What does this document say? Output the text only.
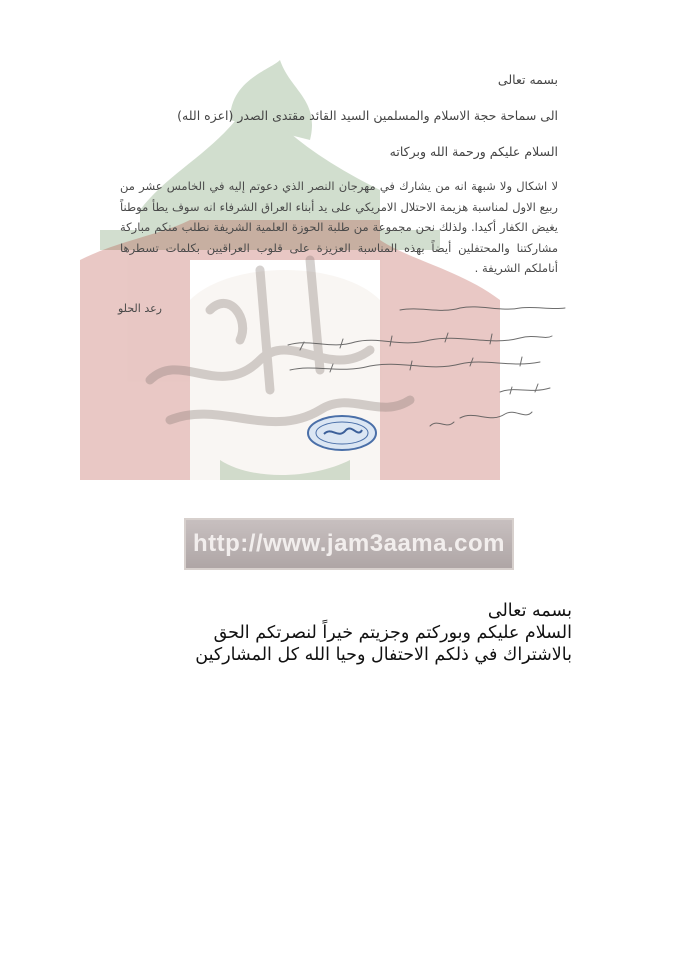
http://www.jam3aama.com
بسمه تعالى
الى سماحة حجة الاسلام والمسلمين السيد القائد مقتدى الصدر (اعزه الله)
السلام عليكم ورحمة الله وبركاته
لا اشكال ولا شبهة انه من يشارك في مهرجان النصر الذي دعوتم إليه في الخامس عشر من ربيع الاول لمناسبة هزيمة الاحتلال الامريكي على يد أبناء العراق الشرفاء انه سوف يطأ موطناً يغيض الكفار أكيدا. ولذلك نحن مجموعة من طلبة الحوزة العلمية الشريفة نطلب منكم مباركة مشاركتنا والمحتفلين أيضاً بهذه المناسبة العزيزة على قلوب العراقيين بكلمات تسطرها أناملكم الشريفة .
رعد الحلو
بسمه تعالى
السلام عليكم وبوركتم وجزيتم خيراً لنصرتكم الحق
بالاشتراك في ذلكم الاحتفال وحيا الله كل المشاركين
